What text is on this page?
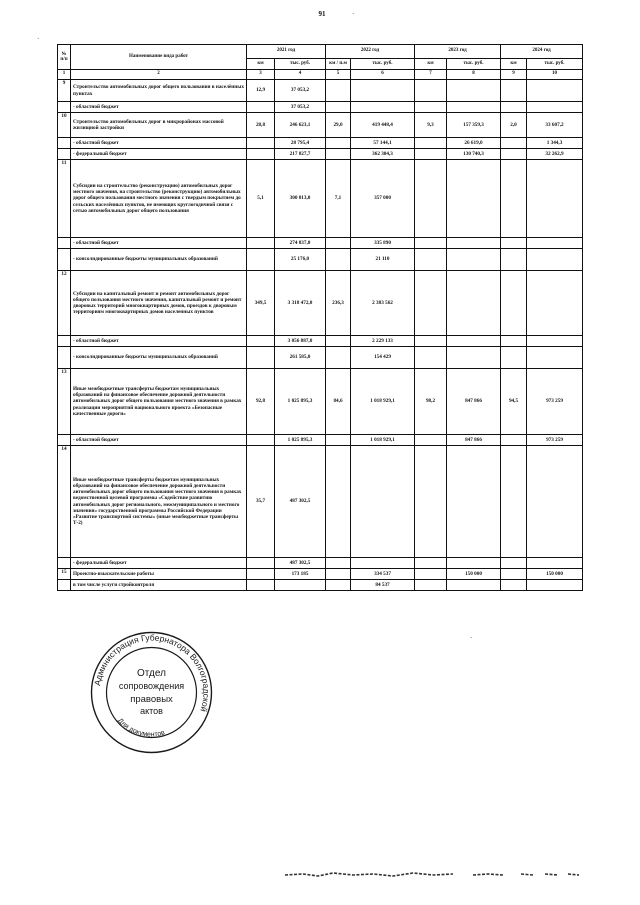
91	·
·
·
№ п/п	Наименование вида работ	2021 год		2022 год		2023 год		2024 год	
		км	тыс. руб.	км / п.м	тыс. руб.	км	тыс. руб.	км	тыс. руб.
1	2	3	4	5	6	7	8	9	10
9	Строительство автомобильных дорог общего пользования в населённых пунктах	12,9	37 053,2						
	- областной бюджет		37 053,2						
10	Строительство автомобильных дорог в микрорайонах массовой жилищной застройки	28,8	246 623,1	29,0	419 448,4	9,3	157 359,3	2,0	33 607,2
	- областной бюджет		28 795,4		57 144,1		26 619,0		1 344,3
	- федеральный бюджет		217 827,7		362 304,3		130 740,3		32 262,9
11	Субсидии на строительство (реконструкцию) автомобильных дорог местного значения, на строительство (реконструкцию) автомобильных дорог общего пользования местного значения с твердым покрытием до сельских населённых пунктов, не имеющих круглогодичной связи с сетью автомобильных дорог общего пользования	5,1	300 013,0	7,1	357 000				
	- областной бюджет		274 837,0		335 890				
	- консолидированные бюджеты муниципальных образований		25 176,0		21 110				
12	Субсидии на капитальный ремонт и ремонт автомобильных дорог общего пользования местного значения, капитальный ремонт и ремонт дворовых территорий многоквартирных домов, проездов к дворовым территориям многоквартирных домов населенных пунктов	349,5	3 318 472,0	236,3	2 383 562				
	- областной бюджет		3 056 887,0		2 229 133				
	- консолидированные бюджеты муниципальных образований		261 585,0		154 429				
13	Иные межбюджетные трансферты бюджетам муниципальных образований на финансовое обеспечение дорожной деятельности автомобильных дорог общего пользования местного значения в рамках реализации мероприятий национального проекта «Безопасные качественные дороги»	92,8	1 025 895,3	84,6	1 018 929,1	98,2	847 866	94,5	973 259
	- областной бюджет		1 025 895,3		1 018 929,1		847 866		973 259
14	Иные межбюджетные трансферты бюджетам муниципальных образований на финансовое обеспечение дорожной деятельности автомобильных дорог общего пользования местного значения в рамках ведомственной целевой программы «Содействие развитию автомобильных дорог регионального, межмуниципального и местного значения» государственной программы Российской Федерации «Развитие транспортной системы» (иные межбюджетные трансферты Т-2)	35,7	487 302,5						
	- федеральный бюджет		487 302,5						
15	Проектно-изыскательские работы		173 185		334 537		150 000		150 000
	в том числе услуги стройконтроля				84 537				
Администрация Губернатора Волгоградской
Для документов
Отдел
сопровождения
правовых
актов
